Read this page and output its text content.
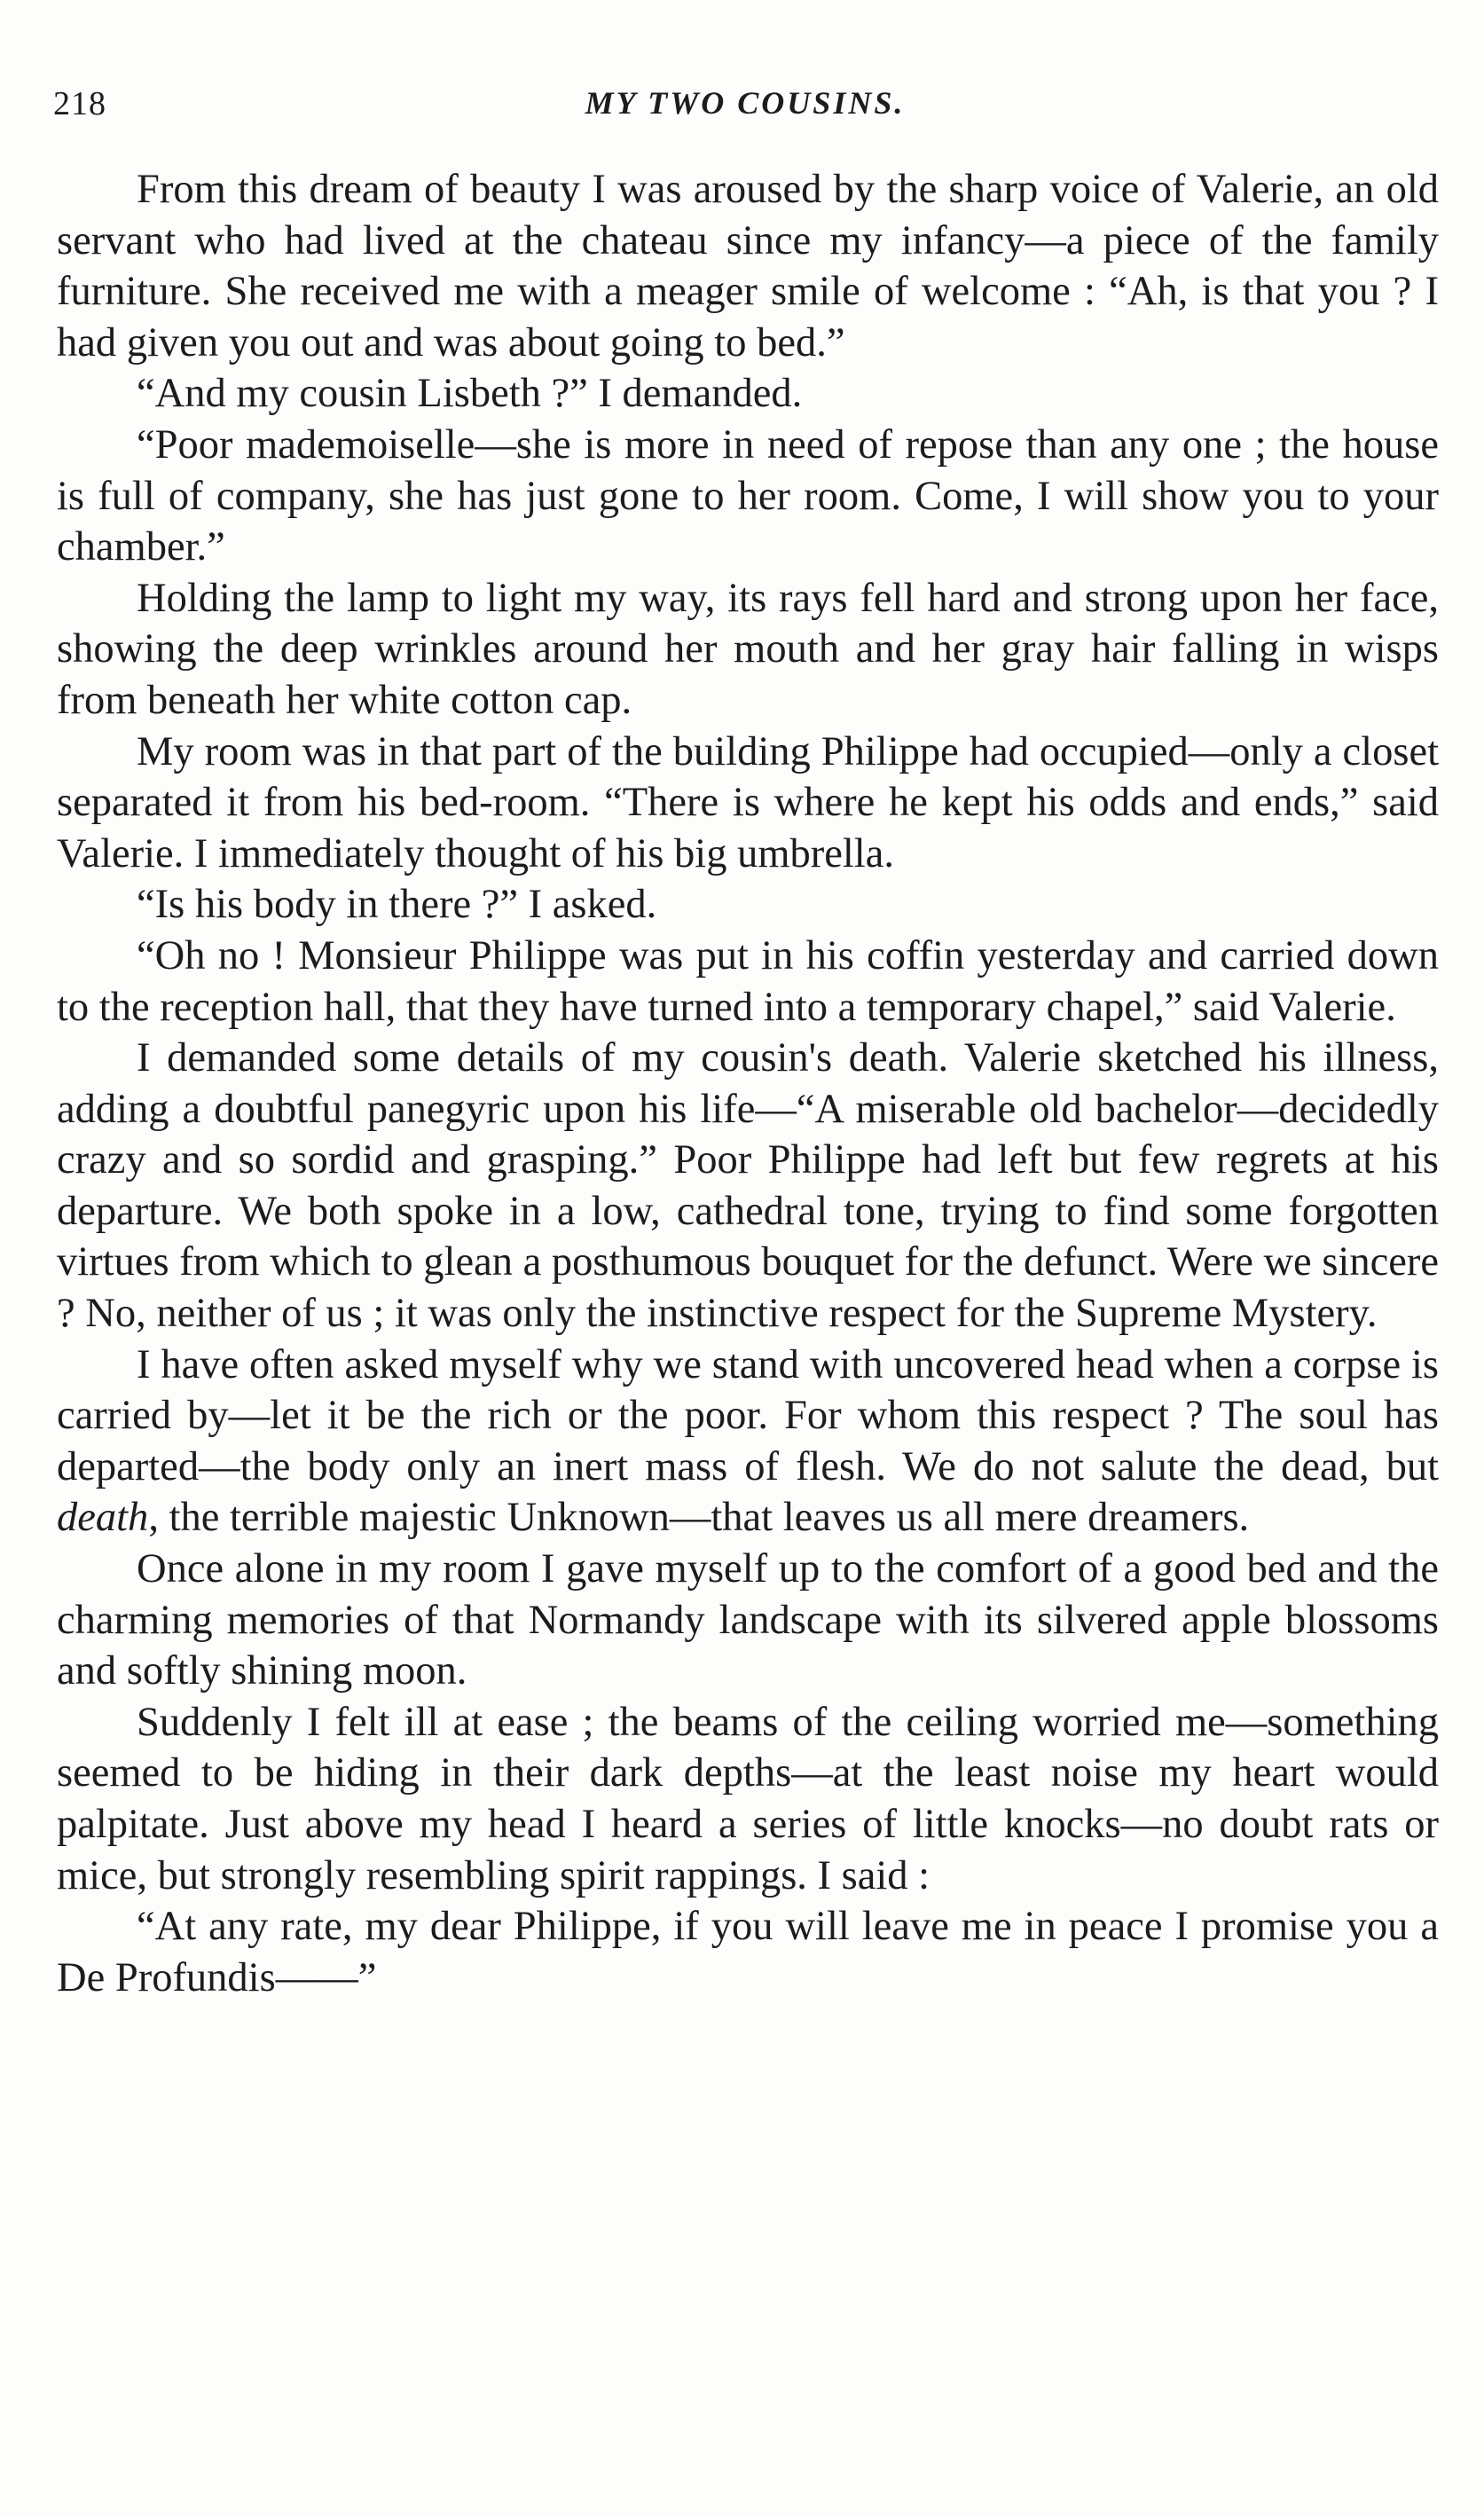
218	MY TWO COUSINS.

From this dream of beauty I was aroused by the sharp voice of Valerie, an old servant who had lived at the chateau since my infancy—a piece of the family furniture. She received me with a meager smile of welcome : “Ah, is that you ? I had given you out and was about going to bed.”

“And my cousin Lisbeth ?” I demanded.

“Poor mademoiselle—she is more in need of repose than any one ; the house is full of company, she has just gone to her room. Come, I will show you to your chamber.”

Holding the lamp to light my way, its rays fell hard and strong upon her face, showing the deep wrinkles around her mouth and her gray hair falling in wisps from beneath her white cotton cap.

My room was in that part of the building Philippe had occupied—only a closet separated it from his bed-room. “There is where he kept his odds and ends,” said Valerie. I immediately thought of his big umbrella.

“Is his body in there ?” I asked.

“Oh no ! Monsieur Philippe was put in his coffin yesterday and carried down to the reception hall, that they have turned into a temporary chapel,” said Valerie.

I demanded some details of my cousin's death. Valerie sketched his illness, adding a doubtful panegyric upon his life—“A miserable old bachelor—decidedly crazy and so sordid and grasping.” Poor Philippe had left but few regrets at his departure. We both spoke in a low, cathedral tone, trying to find some forgotten virtues from which to glean a posthumous bouquet for the defunct. Were we sincere ? No, neither of us ; it was only the instinctive respect for the Supreme Mystery.

I have often asked myself why we stand with uncovered head when a corpse is carried by—let it be the rich or the poor. For whom this respect ? The soul has departed—the body only an inert mass of flesh. We do not salute the dead, but death, the terrible majestic Unknown—that leaves us all mere dreamers.

Once alone in my room I gave myself up to the comfort of a good bed and the charming memories of that Normandy landscape with its silvered apple blossoms and softly shining moon.

Suddenly I felt ill at ease ; the beams of the ceiling worried me—something seemed to be hiding in their dark depths—at the least noise my heart would palpitate. Just above my head I heard a series of little knocks—no doubt rats or mice, but strongly resembling spirit rappings. I said :

“At any rate, my dear Philippe, if you will leave me in peace I promise you a De Profundis——”
